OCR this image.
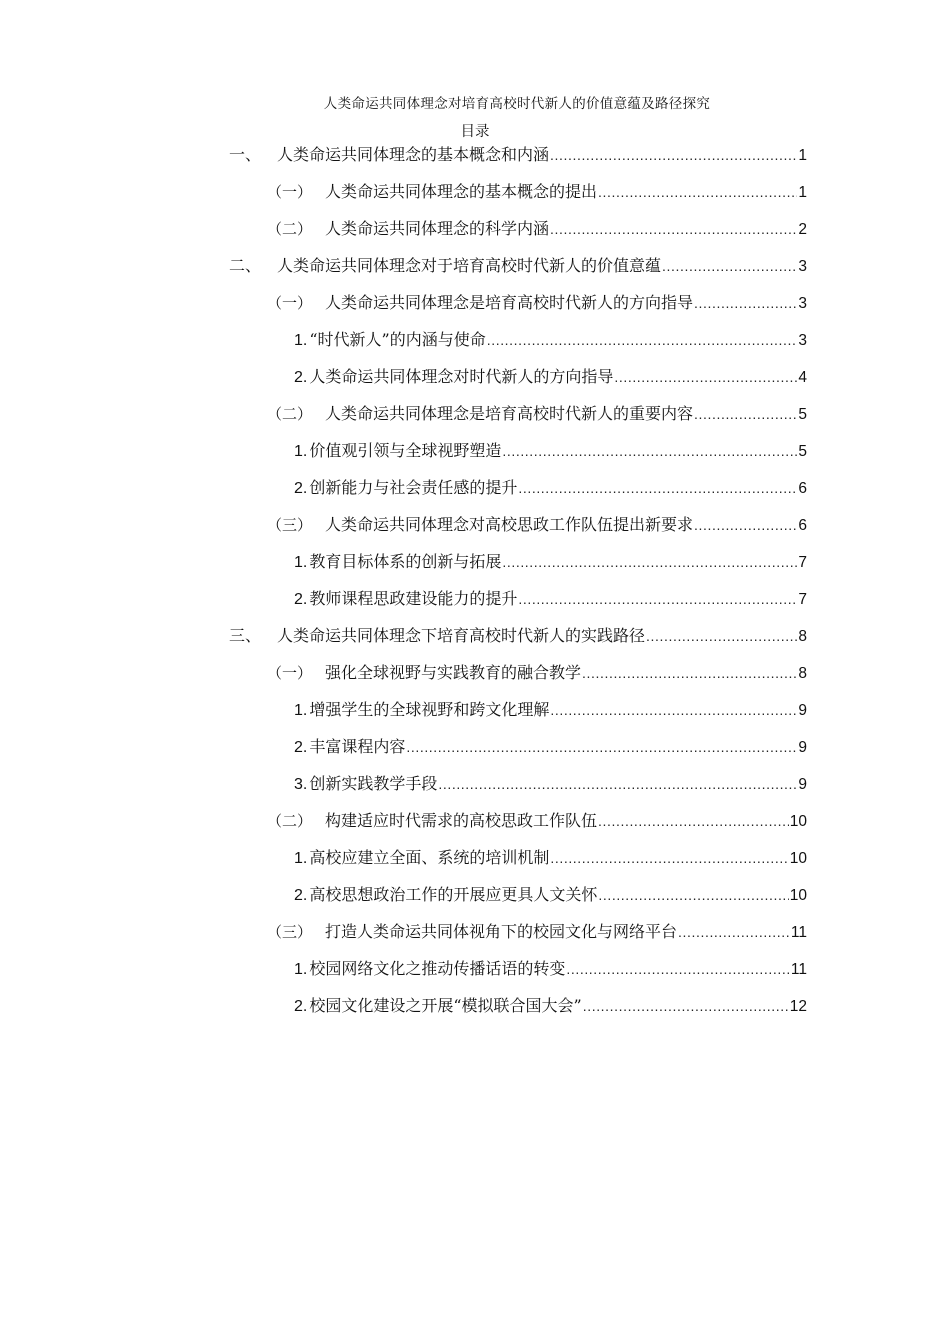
人类命运共同体理念对培育高校时代新人的价值意蕴及路径探究
目录
一、 人类命运共同体理念的基本概念和内涵 .....	1
（一） 人类命运共同体理念的基本概念的提出 .....	1
（二） 人类命运共同体理念的科学内涵 .....	2
二、 人类命运共同体理念对于培育高校时代新人的价值意蕴 .....	3
（一） 人类命运共同体理念是培育高校时代新人的方向指导 .....	3
1. “时代新人”的内涵与使命 .....	3
2. 人类命运共同体理念对时代新人的方向指导 .....	4
（二） 人类命运共同体理念是培育高校时代新人的重要内容 .....	5
1. 价值观引领与全球视野塑造 .....	5
2. 创新能力与社会责任感的提升 .....	6
（三） 人类命运共同体理念对高校思政工作队伍提出新要求 .....	6
1. 教育目标体系的创新与拓展 .....	7
2. 教师课程思政建设能力的提升 .....	7
三、 人类命运共同体理念下培育高校时代新人的实践路径 .....	8
（一） 强化全球视野与实践教育的融合教学 .....	8
1. 增强学生的全球视野和跨文化理解 .....	9
2. 丰富课程内容 .....	9
3. 创新实践教学手段 .....	9
（二） 构建适应时代需求的高校思政工作队伍 .....	10
1. 高校应建立全面、系统的培训机制 .....	10
2. 高校思想政治工作的开展应更具人文关怀 .....	10
（三） 打造人类命运共同体视角下的校园文化与网络平台 .....	11
1. 校园网络文化之推动传播话语的转变 .....	11
2. 校园文化建设之开展“模拟联合国大会” .....	12
